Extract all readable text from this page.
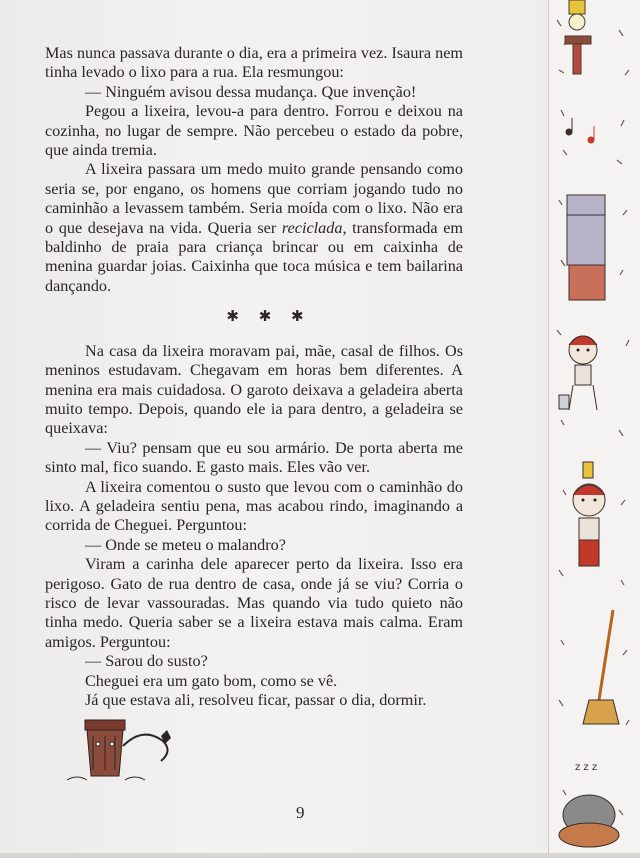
z z z

Mas nunca passava durante o dia, era a primeira vez. Isaura nem tinha levado o lixo para a rua. Ela resmungou:

— Ninguém avisou dessa mudança. Que invenção!

Pegou a lixeira, levou-a para dentro. Forrou e deixou na cozinha, no lugar de sempre. Não percebeu o estado da pobre, que ainda tremia.

A lixeira passara um medo muito grande pensando como seria se, por engano, os homens que corriam jogando tudo no caminhão a levassem também. Seria moída com o lixo. Não era o que desejava na vida. Queria ser reciclada, transformada em baldinho de praia para criança brincar ou em caixinha de menina guardar joias. Caixinha que toca música e tem bailarina dançando.

✱ ✱ ✱

Na casa da lixeira moravam pai, mãe, casal de filhos. Os meninos estudavam. Chegavam em horas bem diferentes. A menina era mais cuidadosa. O garoto deixava a geladeira aberta muito tempo. Depois, quando ele ia para dentro, a geladeira se queixava:

— Viu? pensam que eu sou armário. De porta aberta me sinto mal, fico suando. E gasto mais. Eles vão ver.

A lixeira comentou o susto que levou com o caminhão do lixo. A geladeira sentiu pena, mas acabou rindo, imaginando a corrida de Cheguei. Perguntou:

— Onde se meteu o malandro?

Viram a carinha dele aparecer perto da lixeira. Isso era perigoso. Gato de rua dentro de casa, onde já se viu? Corria o risco de levar vassouradas. Mas quando via tudo quieto não tinha medo. Queria saber se a lixeira estava mais calma. Eram amigos. Perguntou:

— Sarou do susto?

Cheguei era um gato bom, como se vê.

Já que estava ali, resolveu ficar, passar o dia, dormir.

9
